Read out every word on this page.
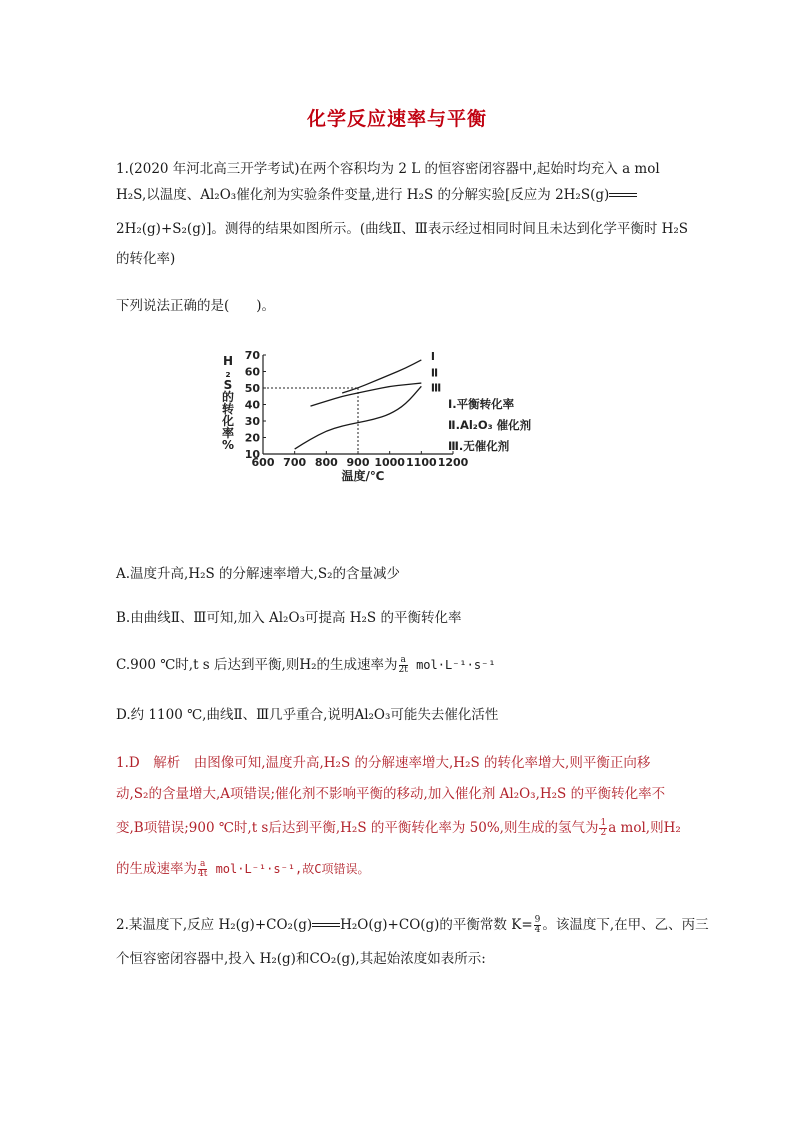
化学反应速率与平衡
1.(2020 年河北高三开学考试)在两个容积均为 2 L 的恒容密闭容器中,起始时均充入 a mol
H₂S,以温度、Al₂O₃催化剂为实验条件变量,进行 H₂S 的分解实验[反应为 2H₂S(g)
2H₂(g)+S₂(g)]。测得的结果如图所示。(曲线Ⅱ、Ⅲ表示经过相同时间且未达到化学平衡时 H₂S
的转化率)
下列说法正确的是(　　)。
600 700 800 900 1000 1100 1200
10
20
30
40
50
60
70
温度/℃
H ₂ S 的转化率%
Ⅰ
Ⅱ
Ⅲ
Ⅰ.平衡转化率
Ⅱ.Al₂O₃ 催化剂
Ⅲ.无催化剂
A.温度升高,H₂S 的分解速率增大,S₂的含量减少
B.由曲线Ⅱ、Ⅲ可知,加入 Al₂O₃可提高 H₂S 的平衡转化率
C.900 ℃时,t s 后达到平衡,则H₂的生成速率为 $\frac{a}{2t} mol\cdot L^{-1}\cdot s^{-1}$
D.约 1100 ℃,曲线Ⅱ、Ⅲ几乎重合,说明Al₂O₃可能失去催化活性
1.D　解析　由图像可知,温度升高,H₂S 的分解速率增大,H₂S 的转化率增大,则平衡正向移
动,S₂的含量增大,A项错误;催化剂不影响平衡的移动,加入催化剂 Al₂O₃,H₂S 的平衡转化率不
变,B项错误;900 ℃时,t s后达到平衡,H₂S 的平衡转化率为 50%,则生成的氢气为 $\frac{1}{2}$ a mol,则H₂
的生成速率为 $\frac{a}{4t} mol\cdot L^{-1}\cdot s^{-1}$,故C项错误。
2.某温度下,反应 H₂(g)+CO₂(g) H₂O(g)+CO(g)的平衡常数 $K= \frac{9}{4}$ 。该温度下,在甲、乙、丙三
个恒容密闭容器中,投入 H₂(g)和CO₂(g),其起始浓度如表所示:
